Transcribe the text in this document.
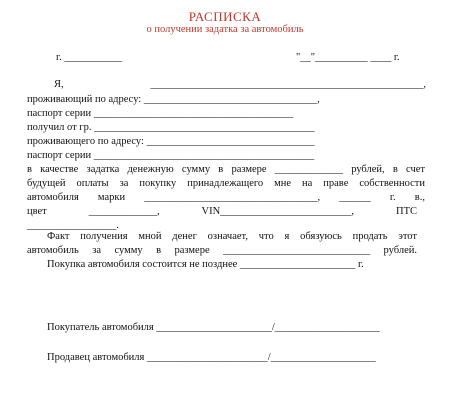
РАСПИСКА
о получении задатка за автомобиль
г. ___________	"__"__________ ____ г.
Я, ____________________________________________________,
проживающий по адресу: _________________________________,
паспорт серии ______________________________________
получил от гр. __________________________________________
проживающего по адресу: ________________________________
паспорт серии __________________________________________
в качестве задатка денежную сумму в размере _____________ рублей, в счет
будущей оплаты за покупку принадлежащего мне на праве собственности
автомобиля марки _________________________________, ______ г. в.,
цвет _____________, VIN_________________________, ПТС
_________________.
Факт получения мной денег означает, что я обязуюсь продать этот
автомобиль за сумму в размере ____________________________ рублей.
Покупка автомобиля состоится не позднее ______________________ г.
Покупатель автомобиля ______________________/____________________
Продавец автомобиля _______________________/____________________
